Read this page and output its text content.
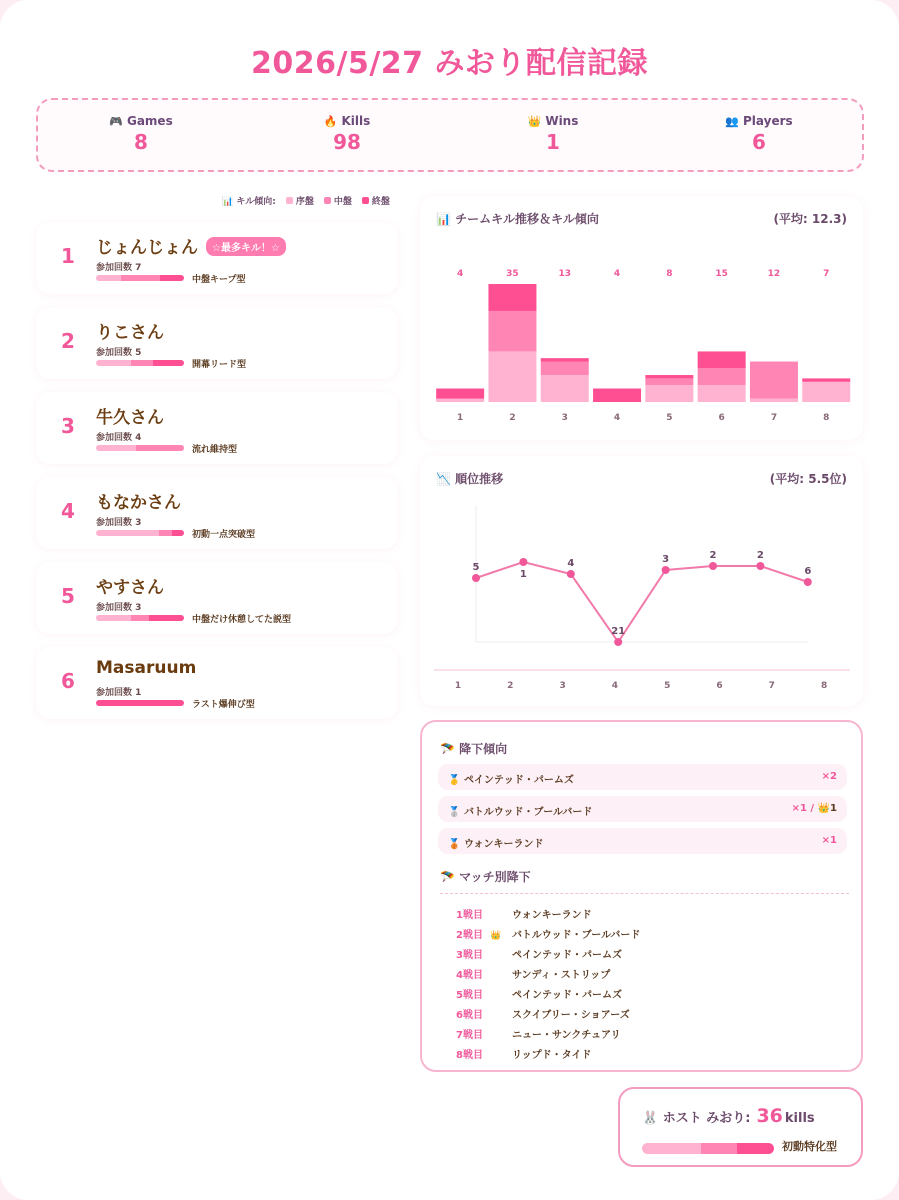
2026/5/27 みおり配信記録
🎮 Games
8
🔥 Kills
98
👑 Wins
1
👥 Players
6
📊 キル傾向:	序盤	中盤	終盤
1 じょんじょん ☆最多キル！☆
参加回数 7
中盤キープ型
2 りこさん
参加回数 5
開幕リード型
3 牛久さん
参加回数 4
流れ維持型
4 もなかさん
参加回数 3
初動一点突破型
5 やすさん
参加回数 3
中盤だけ休憩してた説型
6
Masaruum
参加回数 1
ラスト爆伸び型
📊 チームキル推移＆キル傾向	(平均: 12.3)
4
1
35
2
13
3
4
4
8
5
15
6
12
7
7
8
📉 順位推移	(平均: 5.5位)
5
1
4
21
3	2	2
6
1	2	3	4	5	6	7	8
🪂 降下傾向
🥇 ペインテッド・パームズ	×2
🥈 バトルウッド・ブールバード	×1 / 👑1
🥉 ウォンキーランド	×1
🪂 マッチ別降下
1戦目	ウォンキーランド
2戦目 👑 バトルウッド・ブールバード
3戦目	ペインテッド・パームズ
4戦目	サンディ・ストリップ
5戦目	ペインテッド・パームズ
6戦目	スクイブリー・ショアーズ
7戦目	ニュー・サンクチュアリ
8戦目	リップド・タイド
🐰 ホスト みおり: 36 kills
初動特化型
